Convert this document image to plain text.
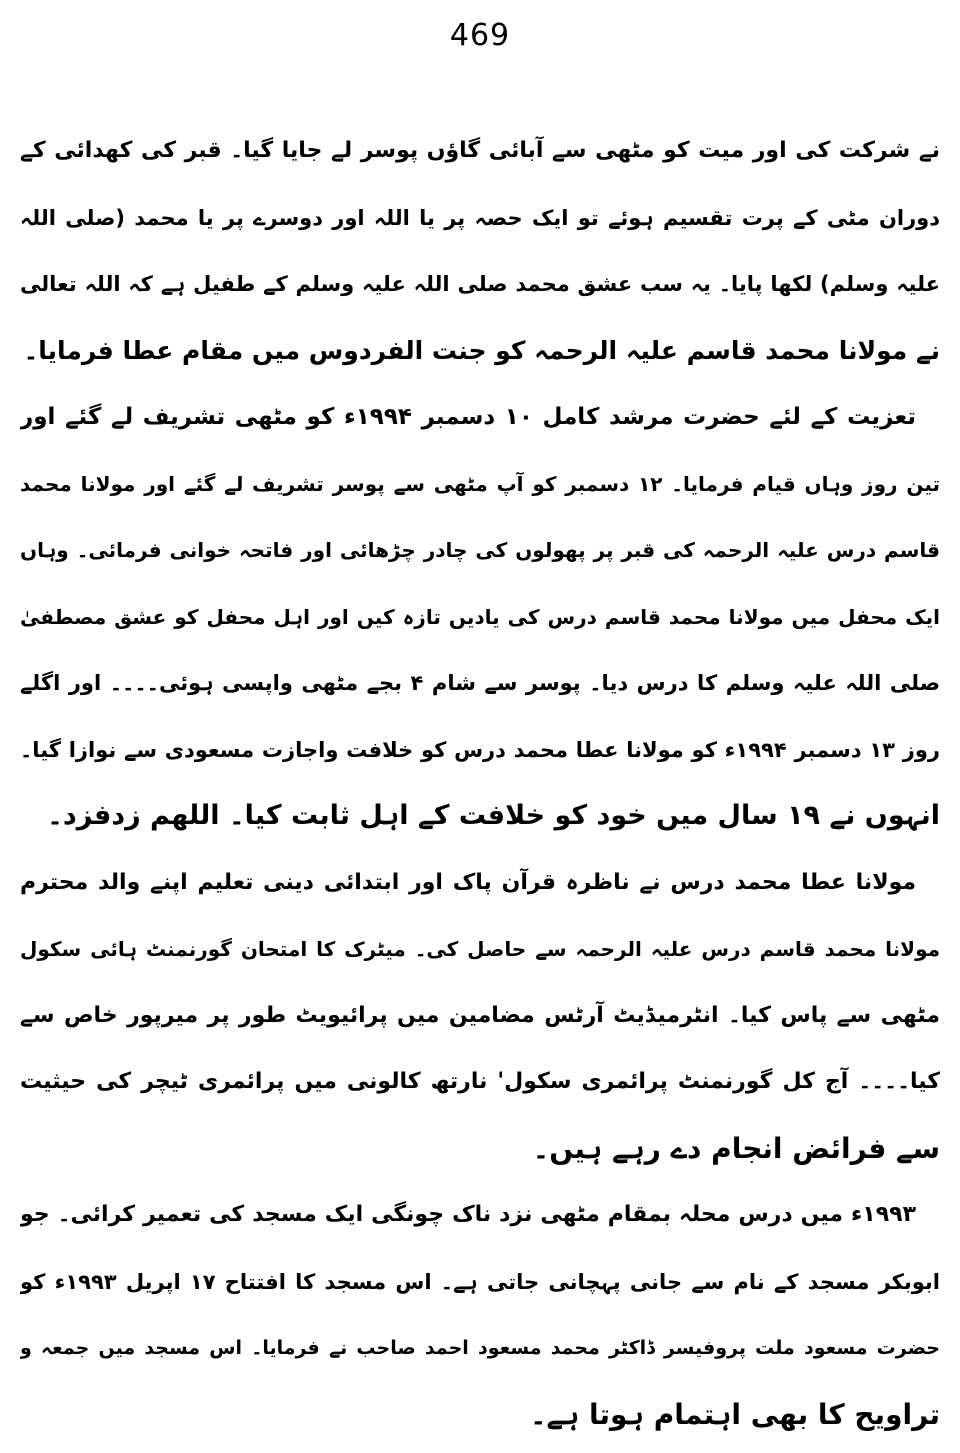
469
نے شرکت کی اور میت کو مٹھی سے آبائی گاؤں پوسر لے جایا گیا۔ قبر کی کھدائی کے
دوران مٹی کے پرت تقسیم ہوئے تو ایک حصہ پر یا اللہ اور دوسرے پر یا محمد (صلی اللہ
علیہ وسلم) لکھا پایا۔ یہ سب عشق محمد صلی اللہ علیہ وسلم کے طفیل ہے کہ اللہ تعالی
نے مولانا محمد قاسم علیہ الرحمہ کو جنت الفردوس میں مقام عطا فرمایا۔
تعزیت کے لئے حضرت مرشد کامل ۱۰ دسمبر ۱۹۹۴ء کو مٹھی تشریف لے گئے اور
تین روز وہاں قیام فرمایا۔ ۱۲ دسمبر کو آپ مٹھی سے پوسر تشریف لے گئے اور مولانا محمد
قاسم درس علیہ الرحمہ کی قبر پر پھولوں کی چادر چڑھائی اور فاتحہ خوانی فرمائی۔ وہاں
ایک محفل میں مولانا محمد قاسم درس کی یادیں تازہ کیں اور اہل محفل کو عشق مصطفیٰ
صلی اللہ علیہ وسلم کا درس دیا۔ پوسر سے شام ۴ بجے مٹھی واپسی ہوئی۔۔۔۔ اور اگلے
روز ۱۳ دسمبر ۱۹۹۴ء کو مولانا عطا محمد درس کو خلافت واجازت مسعودی سے نوازا گیا۔
انہوں نے ۱۹ سال میں خود کو خلافت کے اہل ثابت کیا۔ اللھم زدفزد۔
مولانا عطا محمد درس نے ناظرہ قرآن پاک اور ابتدائی دینی تعلیم اپنے والد محترم
مولانا محمد قاسم درس علیہ الرحمہ سے حاصل کی۔ میٹرک کا امتحان گورنمنٹ ہائی سکول
مٹھی سے پاس کیا۔ انٹرمیڈیٹ آرٹس مضامین میں پرائیویٹ طور پر میرپور خاص سے
کیا۔۔۔۔ آج کل گورنمنٹ پرائمری سکول' نارتھ کالونی میں پرائمری ٹیچر کی حیثیت
سے فرائض انجام دے رہے ہیں۔
۱۹۹۳ء میں درس محلہ بمقام مٹھی نزد ناک چونگی ایک مسجد کی تعمیر کرائی۔ جو
ابوبکر مسجد کے نام سے جانی پہچانی جاتی ہے۔ اس مسجد کا افتتاح ۱۷ اپریل ۱۹۹۳ء کو
حضرت مسعود ملت پروفیسر ڈاکٹر محمد مسعود احمد صاحب نے فرمایا۔ اس مسجد میں جمعہ و
تراویح کا بھی اہتمام ہوتا ہے۔
